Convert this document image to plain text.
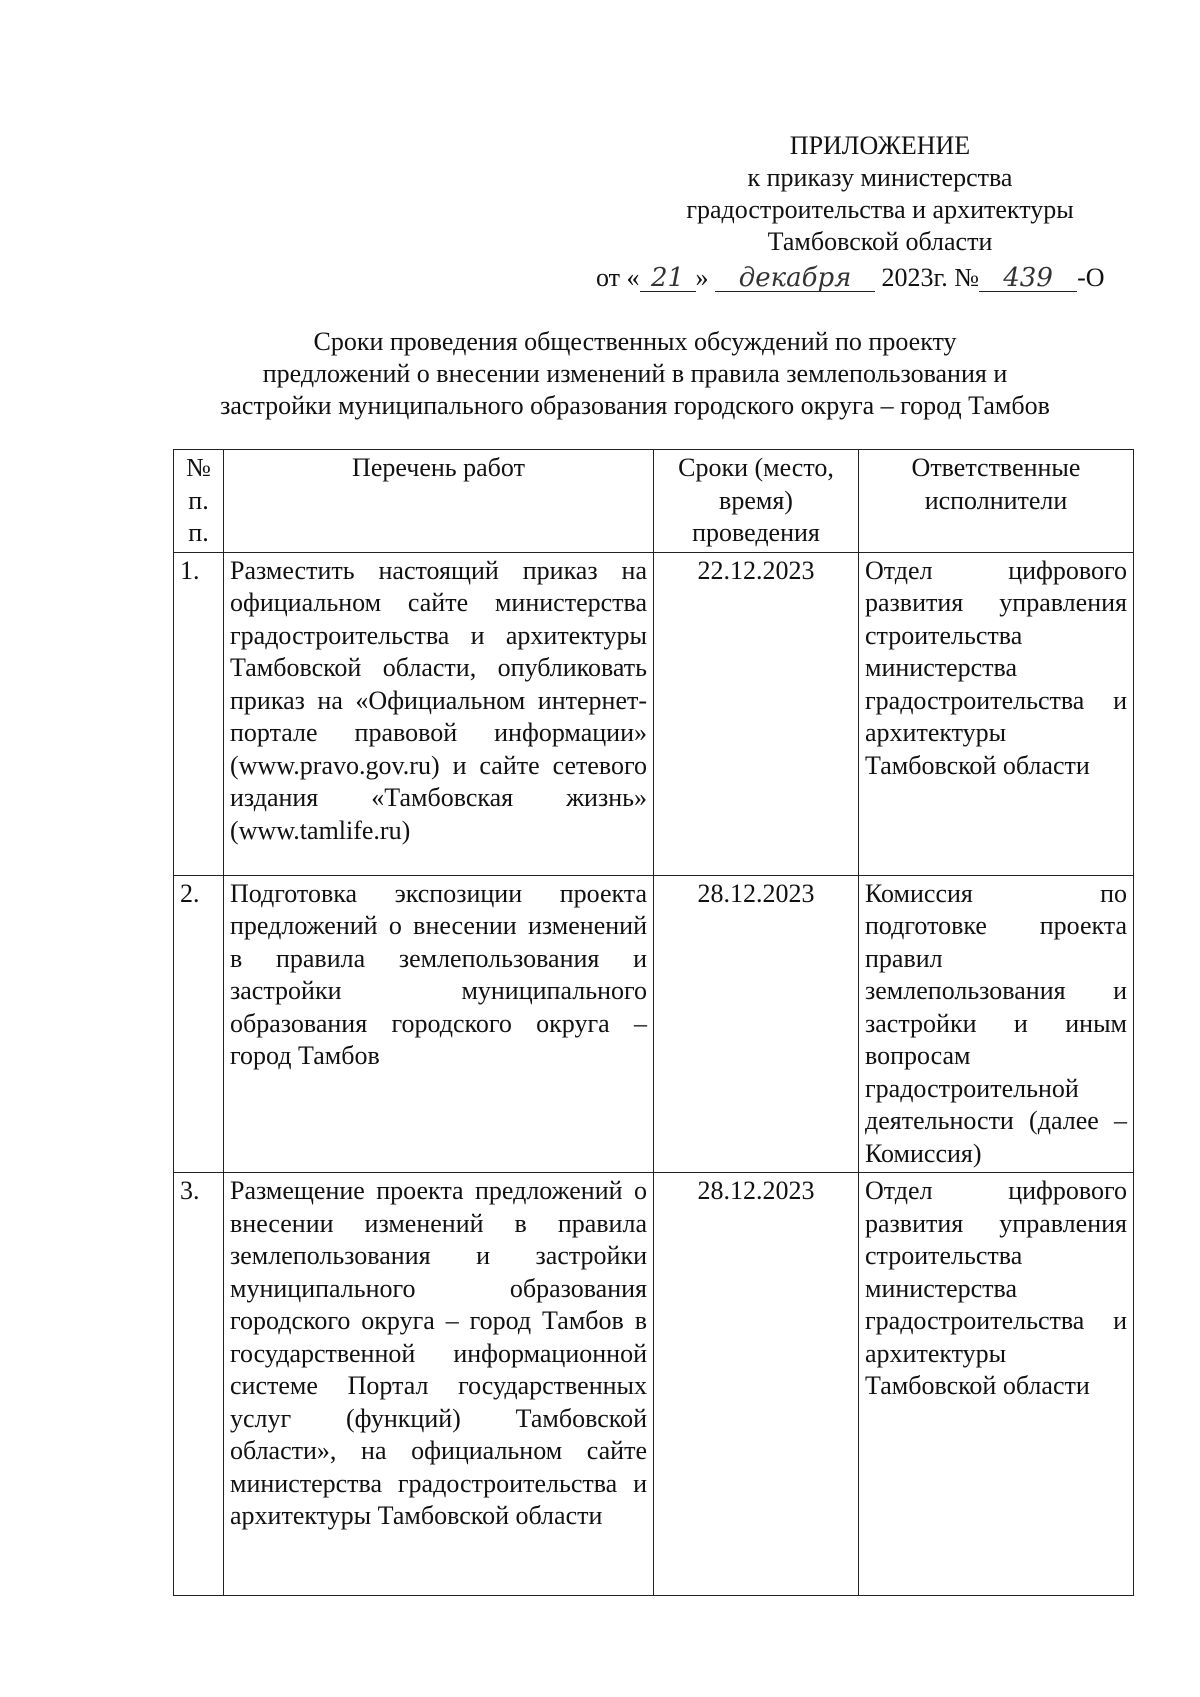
ПРИЛОЖЕНИЕ
к приказу министерства
градостроительства и архитектуры
Тамбовской области
от « 21 » декабря 2023г. № 439 -О
Сроки проведения общественных обсуждений по проекту
предложений о внесении изменений в правила землепользования и
застройки муниципального образования городского округа – город Тамбов
№ п. п.	Перечень работ	Сроки (место, время) проведения	Ответственные исполнители
1.	Разместить настоящий приказ на официальном сайте министерства градостроительства и архитектуры Тамбовской области, опубликовать приказ на «Официальном интернет-портале правовой информации» (www.pravo.gov.ru) и сайте сетевого издания «Тамбовская жизнь» (www.tamlife.ru)	22.12.2023	Отдел цифрового развития управления строительства министерства градостроительства и архитектуры Тамбовской области
2.	Подготовка экспозиции проекта предложений о внесении изменений в правила землепользования и застройки муниципального образования городского округа – город Тамбов	28.12.2023	Комиссия по подготовке проекта правил землепользования и застройки и иным вопросам градостроительной деятельности (далее – Комиссия)
3.	Размещение проекта предложений о внесении изменений в правила землепользования и застройки муниципального образования городского округа – город Тамбов в государственной информационной системе Портал государственных услуг (функций) Тамбовской области», на официальном сайте министерства градостроительства и архитектуры Тамбовской области	28.12.2023	Отдел цифрового развития управления строительства министерства градостроительства и архитектуры Тамбовской области
